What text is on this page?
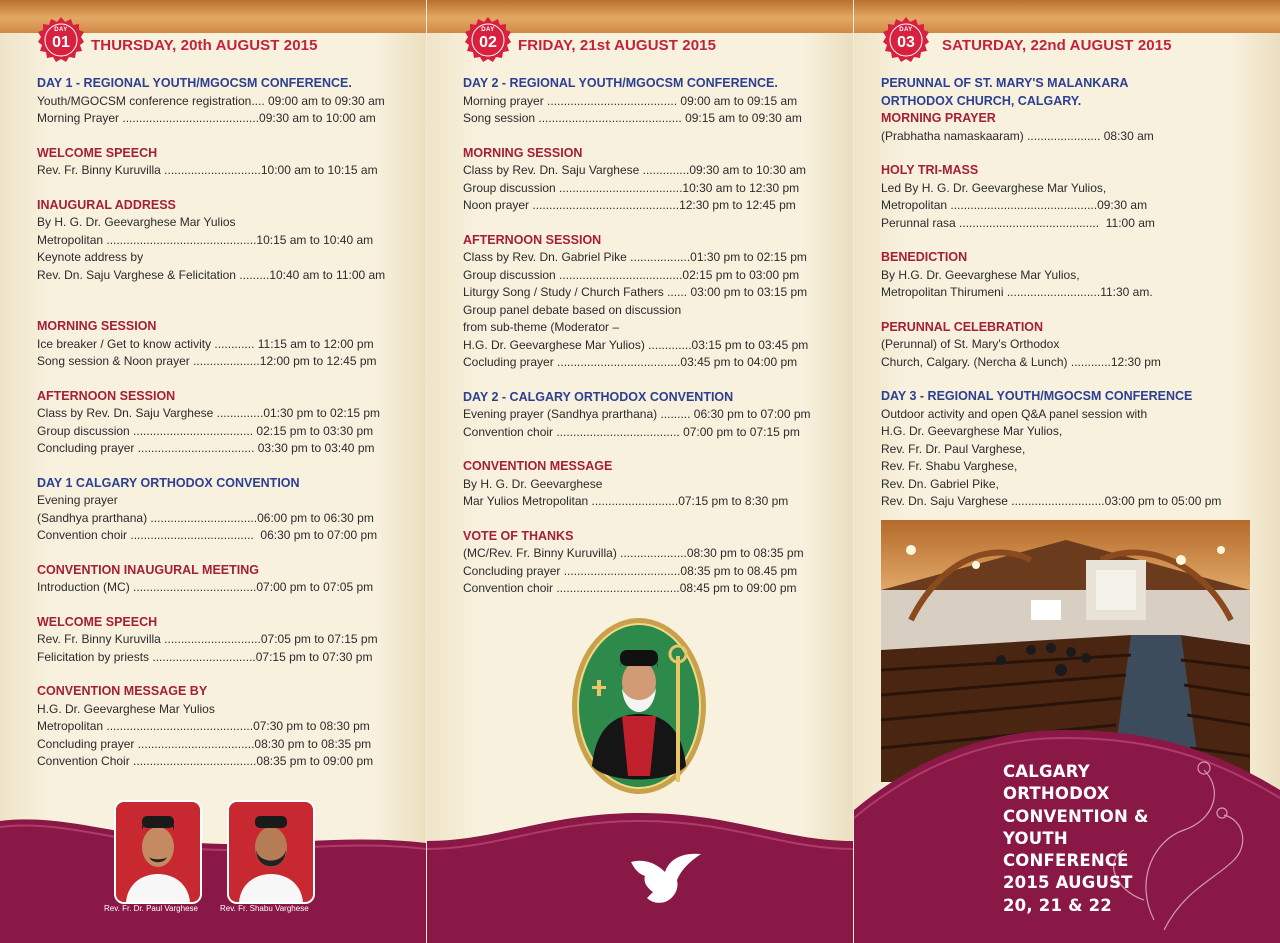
DAY
01	THURSDAY, 20th AUGUST 2015
DAY 1 - REGIONAL YOUTH/MGOCSM CONFERENCE.
Youth/MGOCSM conference registration.... 09:00 am to 09:30 am
Morning Prayer .........................................09:30 am to 10:00 am
WELCOME SPEECH
Rev. Fr. Binny Kuruvilla .............................10:00 am to 10:15 am
INAUGURAL ADDRESS
By H. G. Dr. Geevarghese Mar Yulios
Metropolitan .............................................10:15 am to 10:40 am
Keynote address by
Rev. Dn. Saju Varghese & Felicitation .........10:40 am to 11:00 am
MORNING SESSION
Ice breaker / Get to know activity ............ 11:15 am to 12:00 pm
Song session & Noon prayer ....................12:00 pm to 12:45 pm
AFTERNOON SESSION
Class by Rev. Dn. Saju Varghese ..............01:30 pm to 02:15 pm
Group discussion .................................... 02:15 pm to 03:30 pm
Concluding prayer ................................... 03:30 pm to 03:40 pm
DAY 1 CALGARY ORTHODOX CONVENTION
Evening prayer
(Sandhya prarthana) ................................06:00 pm to 06:30 pm
Convention choir .....................................  06:30 pm to 07:00 pm
CONVENTION INAUGURAL MEETING
Introduction (MC) .....................................07:00 pm to 07:05 pm
WELCOME SPEECH
Rev. Fr. Binny Kuruvilla .............................07:05 pm to 07:15 pm
Felicitation by priests ...............................07:15 pm to 07:30 pm
CONVENTION MESSAGE BY
H.G. Dr. Geevarghese Mar Yulios
Metropolitan ............................................07:30 pm to 08:30 pm
Concluding prayer ...................................08:30 pm to 08:35 pm
Convention Choir .....................................08:35 pm to 09:00 pm
Rev. Fr. Dr. Paul Varghese	Rev. Fr. Shabu Varghese
DAY
02	FRIDAY, 21st AUGUST 2015
DAY 2 - REGIONAL YOUTH/MGOCSM CONFERENCE.
Morning prayer ....................................... 09:00 am to 09:15 am
Song session ........................................... 09:15 am to 09:30 am
MORNING SESSION
Class by Rev. Dn. Saju Varghese ..............09:30 am to 10:30 am
Group discussion .....................................10:30 am to 12:30 pm
Noon prayer ............................................12:30 pm to 12:45 pm
AFTERNOON SESSION
Class by Rev. Dn. Gabriel Pike ..................01:30 pm to 02:15 pm
Group discussion .....................................02:15 pm to 03:00 pm
Liturgy Song / Study / Church Fathers ...... 03:00 pm to 03:15 pm
Group panel debate based on discussion
from sub-theme (Moderator –
H.G. Dr. Geevarghese Mar Yulios) .............03:15 pm to 03:45 pm
Cocluding prayer .....................................03:45 pm to 04:00 pm
DAY 2 - CALGARY ORTHODOX CONVENTION
Evening prayer (Sandhya prarthana) ......... 06:30 pm to 07:00 pm
Convention choir ..................................... 07:00 pm to 07:15 pm
CONVENTION MESSAGE
By H. G. Dr. Geevarghese
Mar Yulios Metropolitan ..........................07:15 pm to 8:30 pm
VOTE OF THANKS
(MC/Rev. Fr. Binny Kuruvilla) ....................08:30 pm to 08:35 pm
Concluding prayer ...................................08:35 pm to 08.45 pm
Convention choir .....................................08:45 pm to 09:00 pm
DAY
03	SATURDAY, 22nd AUGUST 2015
PERUNNAL OF ST. MARY'S MALANKARA
ORTHODOX CHURCH, CALGARY.
MORNING PRAYER
(Prabhatha namaskaaram) ...................... 08:30 am
HOLY TRI-MASS
Led By H. G. Dr. Geevarghese Mar Yulios,
Metropolitan ............................................09:30 am
Perunnal rasa ..........................................  11:00 am
BENEDICTION
By H.G. Dr. Geevarghese Mar Yulios,
Metropolitan Thirumeni ............................11:30 am.
PERUNNAL CELEBRATION
(Perunnal) of St. Mary's Orthodox
Church, Calgary. (Nercha & Lunch) ............12:30 pm
DAY 3 - REGIONAL YOUTH/MGOCSM CONFERENCE
Outdoor activity and open Q&A panel session with
H.G. Dr. Geevarghese Mar Yulios,
Rev. Fr. Dr. Paul Varghese,
Rev. Fr. Shabu Varghese,
Rev. Dn. Gabriel Pike,
Rev. Dn. Saju Varghese ............................03:00 pm to 05:00 pm
CALGARY
ORTHODOX
CONVENTION &
YOUTH
CONFERENCE
2015 AUGUST
20, 21 & 22
